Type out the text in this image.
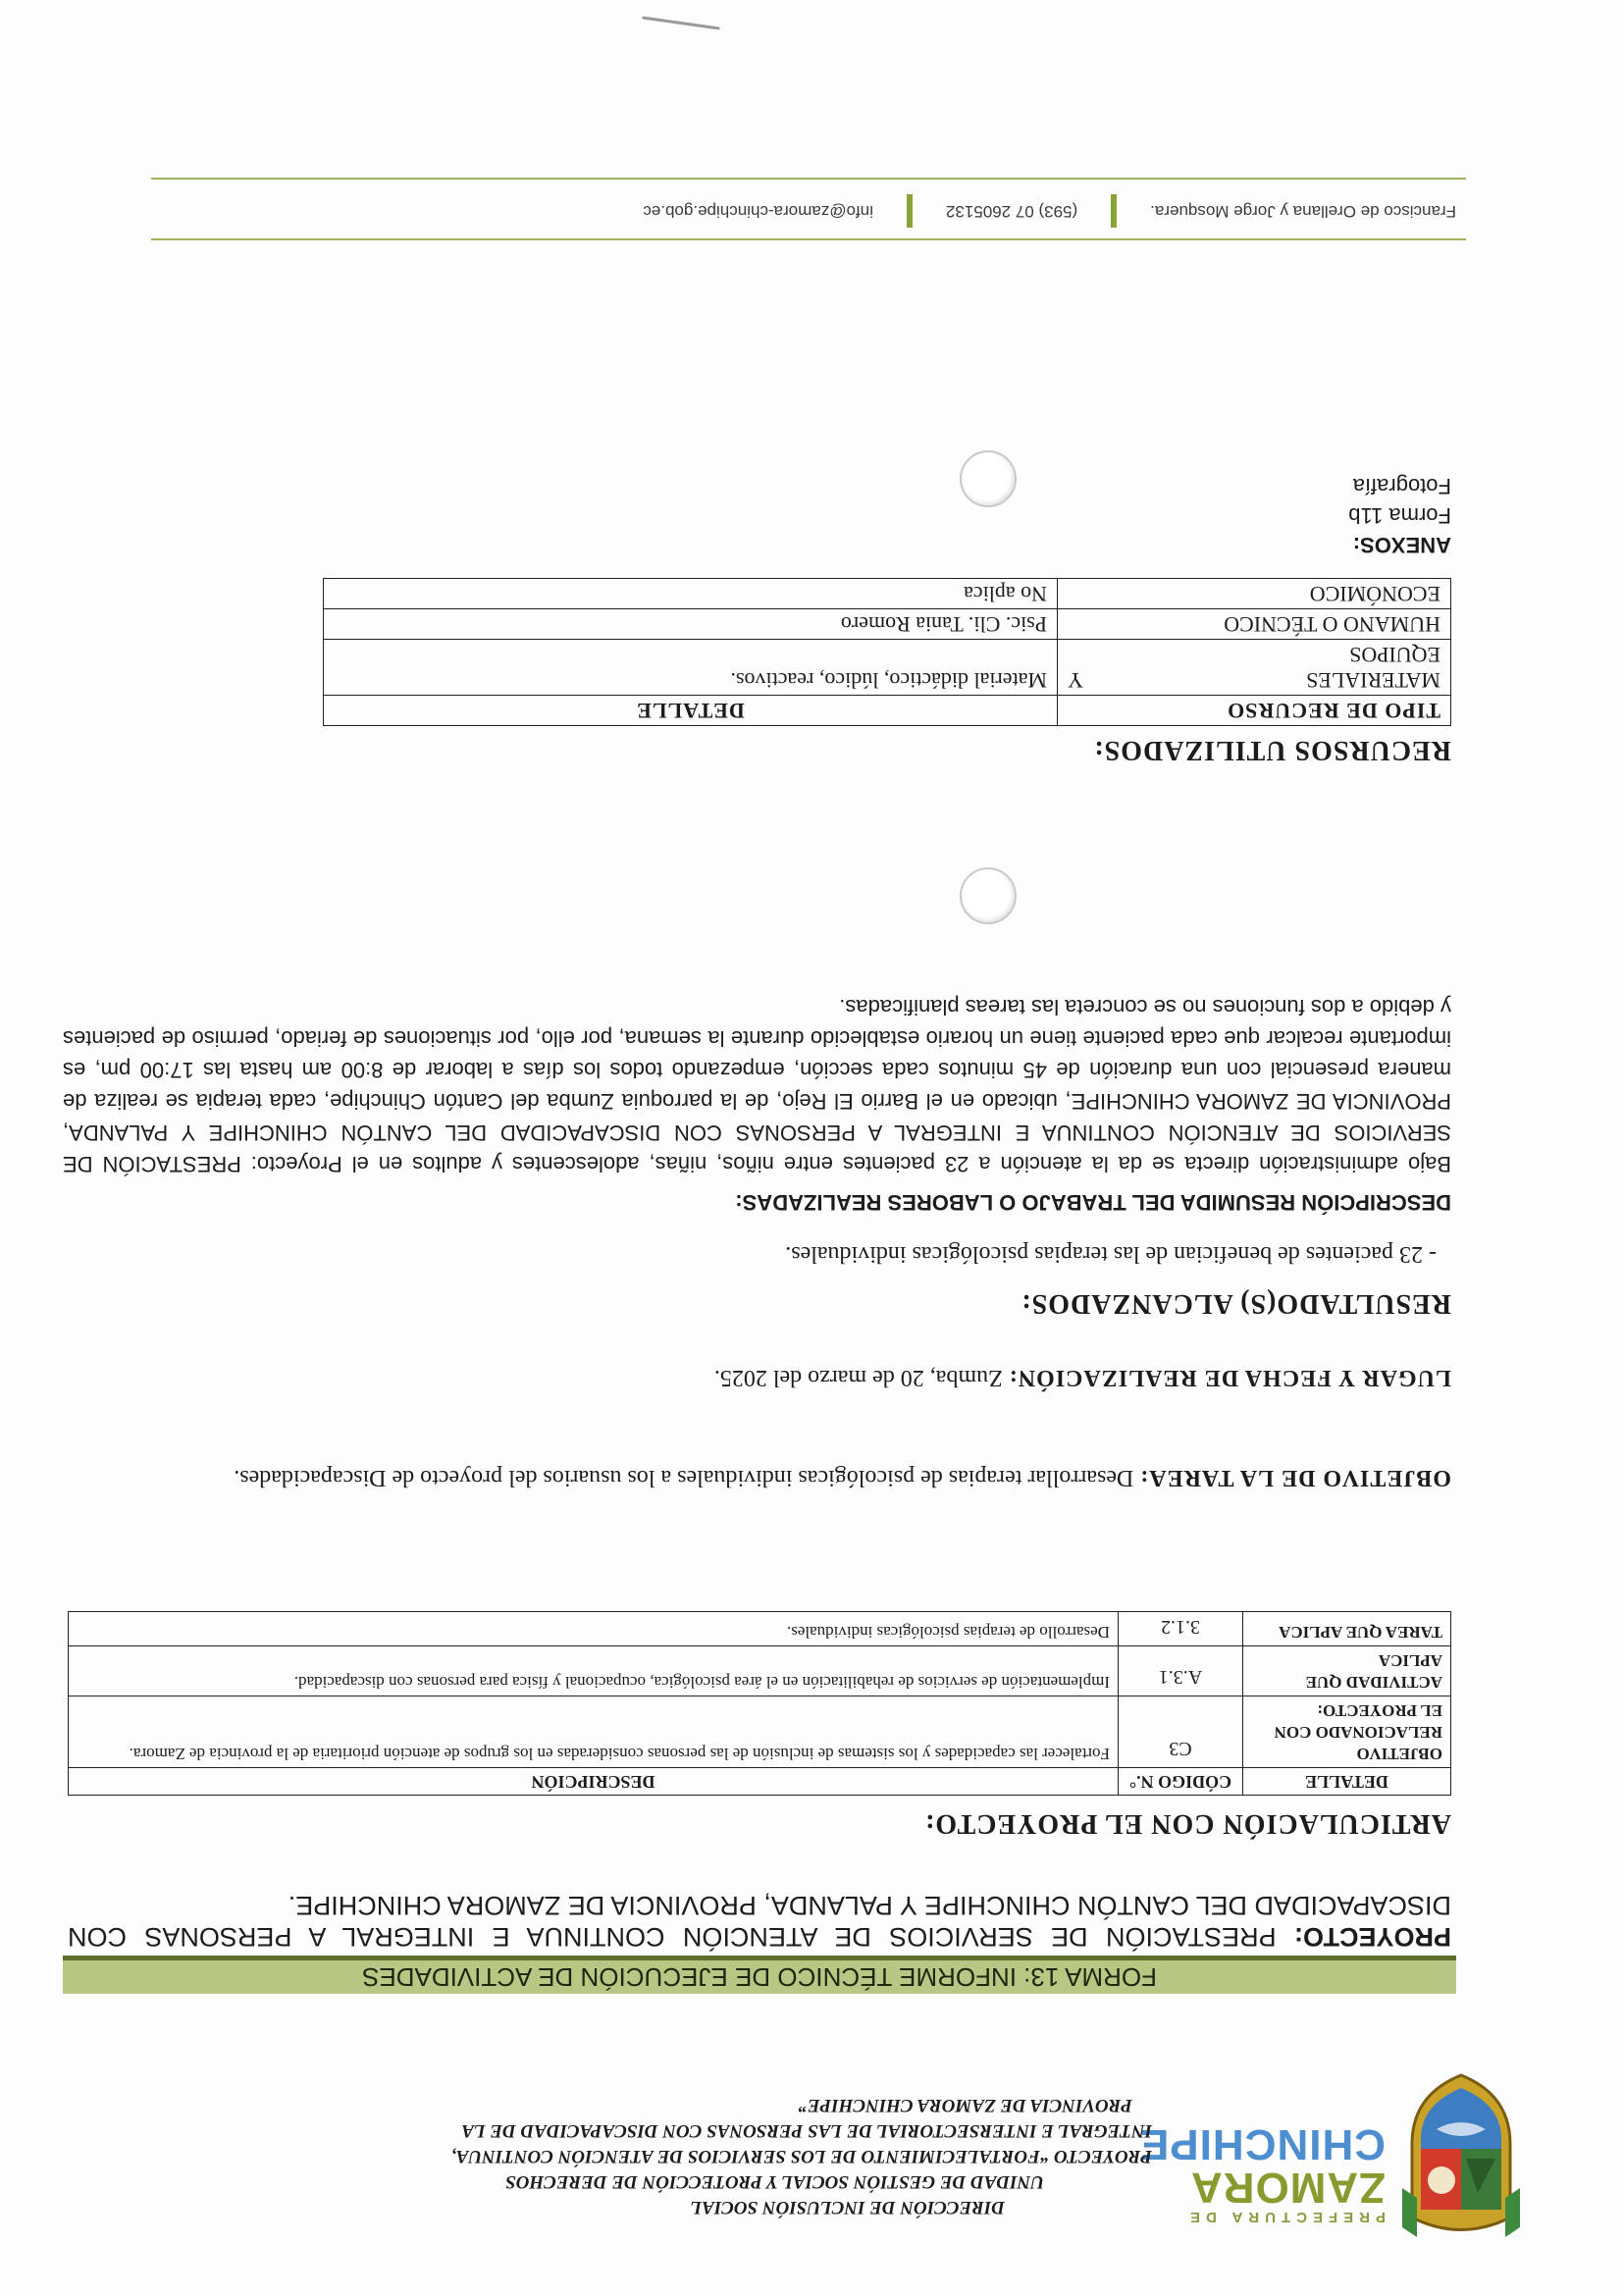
PREFECTURA DE
ZAMORA
CHINCHIPE
DIRECCIÓN DE INCLUSIÓN SOCIAL
UNIDAD DE GESTIÓN SOCIAL Y PROTECCIÓN DE DERECHOS
PROYECTO “FORTALECIMIENTO DE LOS SERVICIOS DE ATENCIÓN CONTINUA,
INTEGRAL E INTERSECTORIAL DE LAS PERSONAS CON DISCAPACIDAD DE LA
PROVINCIA DE ZAMORA CHINCHIPE”
FORMA 13: INFORME TÉCNICO DE EJECUCIÓN DE ACTIVIDADES
PROYECTO: PRESTACIÓN DE SERVICIOS DE ATENCIÓN CONTINUA E INTEGRAL A PERSONAS CON DISCAPACIDAD DEL CANTÓN CHINCHIPE Y PALANDA, PROVINCIA DE ZAMORA CHINCHIPE.
ARTICULACIÓN CON EL PROYECTO:
DETALLE	CÓDIGO N.°	DESCRIPCIÓN
OBJETIVO RELACIONADO CON EL PROYECTO:	C3	Fortalecer las capacidades y los sistemas de inclusión de las personas consideradas en los grupos de atención prioritaria de la provincia de Zamora.
ACTIVIDAD QUE APLICA	A.3.1	Implementación de servicios de rehabilitación en el área psicológica, ocupacional y física para personas con discapacidad.
TAREA QUE APLICA	3.1.2	Desarrollo de terapias psicológicas individuales.
OBJETIVO DE LA TAREA: Desarrollar terapias de psicológicas individuales a los usuarios del proyecto de Discapacidades.
LUGAR Y FECHA DE REALIZACIÓN: Zumba, 20 de marzo del 2025.
RESULTADO(S) ALCANZADOS:
- 23 pacientes de benefician de las terapias psicológicas individuales.
DESCRIPCIÓN RESUMIDA DEL TRABAJO O LABORES REALIZADAS:
Bajo administración directa se da la atención a 23 pacientes entre niños, niñas, adolescentes y adultos en el Proyecto: PRESTACIÓN DE SERVICIOS DE ATENCIÓN CONTINUA E INTEGRAL A PERSONAS CON DISCAPACIDAD DEL CANTÓN CHINCHIPE Y PALANDA, PROVINCIA DE ZAMORA CHINCHIPE, ubicado en el Barrio El Rejo, de la parroquia Zumba del Cantón Chinchipe, cada terapia se realiza de manera presencial con una duración de 45 minutos cada sección, empezando todos los días a laborar de 8:00 am hasta las 17:00 pm, es importante recalcar que cada paciente tiene un horario establecido durante la semana, por ello, por situaciones de feriado, permiso de pacientes y debido a dos funciones no se concreta las tareas planificadas.
RECURSOS UTILIZADOS:
TIPO DE RECURSO	DETALLE

MATERIALES
Y
EQUIPOS	Material didáctico, lúdico, reactivos.
HUMANO O TÉCNICO	Psic. Cli. Tania Romero
ECONÓMICO	No aplica
ANEXOS:
Forma 11b
Fotografía
Francisco de Orellana y Jorge Mosquera.
(593) 07 2605132
info@zamora-chinchipe.gob.ec
